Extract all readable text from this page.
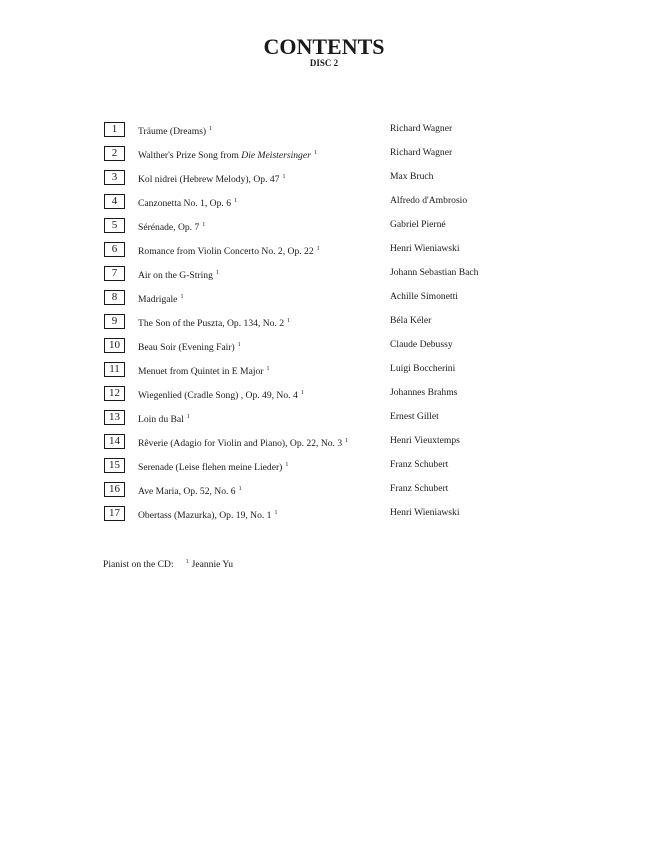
CONTENTS
DISC 2
1	Träume (Dreams) $^1$	Richard Wagner
2	Walther's Prize Song from Die Meistersinger $^1$	Richard Wagner
3	Kol nidrei (Hebrew Melody), Op. 47 $^1$	Max Bruch
4	Canzonetta No. 1, Op. 6 $^1$	Alfredo d'Ambrosio
5	Sérénade, Op. 7 $^1$	Gabriel Pierné
6	Romance from Violin Concerto No. 2, Op. 22 $^1$	Henri Wieniawski
7	Air on the G-String $^1$	Johann Sebastian Bach
8	Madrigale $^1$	Achille Simonetti
9	The Son of the Puszta, Op. 134, No. 2 $^1$	Béla Kéler
10	Beau Soir (Evening Fair) $^1$	Claude Debussy
11	Menuet from Quintet in E Major $^1$	Luigi Boccherini
12	Wiegenlied (Cradle Song) , Op. 49, No. 4 $^1$	Johannes Brahms
13	Loin du Bal $^1$	Ernest Gillet
14	Rêverie (Adagio for Violin and Piano), Op. 22, No. 3 $^1$	Henri Vieuxtemps
15	Serenade (Leise flehen meine Lieder) $^1$	Franz Schubert
16	Ave Maria, Op. 52, No. 6 $^1$	Franz Schubert
17	Obertass (Mazurka), Op. 19, No. 1 $^1$	Henri Wieniawski
Pianist on the CD: $^1$ Jeannie Yu
